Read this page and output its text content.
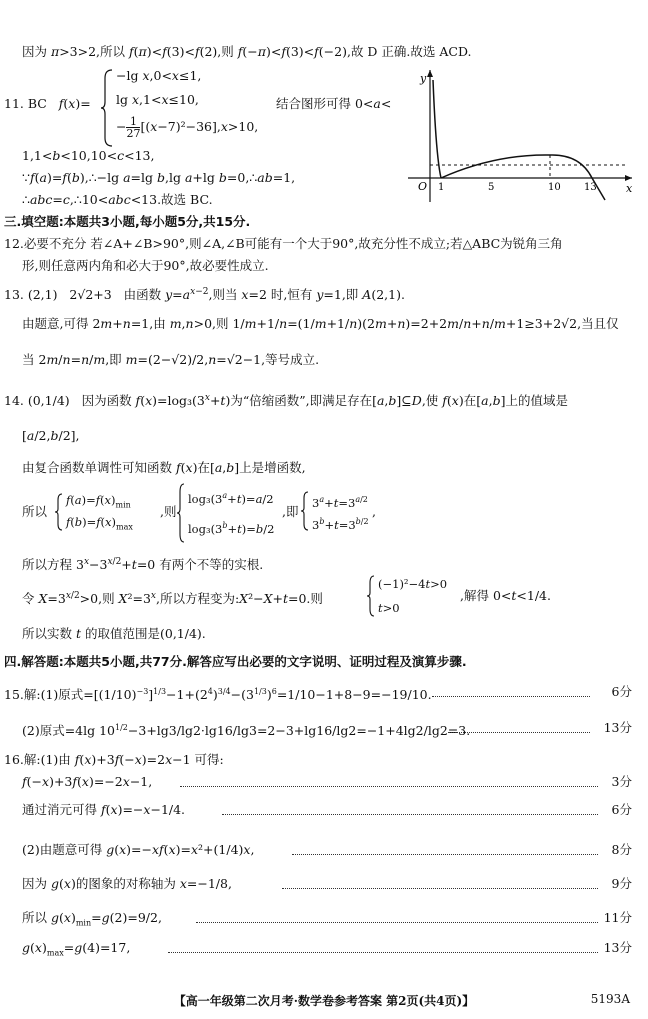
因为 π>3>2,所以 f(π)<f(3)<f(2),则 f(−π)<f(3)<f(−2),故 D 正确.故选 ACD.
11. BC   f(x)=
−lg x,0<x≤1,
lg x,1<x≤10,
− $\frac{1}{27} [(x-7)^2-36],x>10$,
结合图形可得 0<a<
y
x
O 1	5	10 13
1,1<b<10,10<c<13,
∵f(a)=f(b),∴−lg a=lg b,lg a+lg b=0,∴ab=1,
∴abc=c,∴10<abc<13.故选 BC.
三.填空题:本题共3小题,每小题5分,共15分.
12.必要不充分 若∠A+∠B>90°,则∠A,∠B可能有一个大于90°,故充分性不成立;若△ABC为锐角三角
形,则任意两内角和必大于90°,故必要性成立.
13. (2,1)   2√2+3   由函数 $y=a^{x-2}$,则当 x=2 时,恒有 y=1,即 A(2,1).
由题意,可得 2m+n=1,由 m,n>0,则 1/m+1/n=(1/m+1/n)(2m+n)=2+2m/n+n/m+1≥3+2√2,当且仅
当 2m/n=n/m,即 m=(2−√2)/2,n=√2−1,等号成立.
14. (0,1/4)   因为函数 $f(x)=\log_3(3^x+t)$为“倍缩函数”,即满足存在[a,b]⊆D,使 f(x)在[a,b]上的值域是
[a/2,b/2],
由复合函数单调性可知函数 f(x)在[a,b]上是增函数,
所以
$f(a)=f(x)_{min}$
$f(b)=f(x)_{max}$
,则
$\log_3(3^a+t)=a/2$
$\log_3(3^b+t)=b/2$
,即
$3^a+t=3^{a/2}$
$3^b+t=3^{b/2}$
,
所以方程 $3^x-3^{x/2}+t=0$ 有两个不等的实根.
令 $X=3^{x/2}>0$,则 $X^2=3^x$,所以方程变为:X²−X+t=0.则
(−1)²−4t>0
t>0
,解得 0<t<1/4.
所以实数 t 的取值范围是(0,1/4).
四.解答题:本题共5小题,共77分.解答应写出必要的文字说明、证明过程及演算步骤.
15.解:(1)原式$=[(1/10)^{-3}]^{1/3}-1+(2^4)^{3/4}-(3^{1/3})^6=1/10-1+8-9=-19/10$.	6分
(2)原式=4lg $10^{1/2}-3+\lg 3/\lg 2\cdot\lg 16/\lg 3=2-3+\lg 16/\lg 2=-1+4\lg 2/\lg 2=3$.	13分
16.解:(1)由 f(x)+3f(−x)=2x−1 可得:
f(−x)+3f(x)=−2x−1,	3分
通过消元可得 f(x)=−x−1/4.	6分
(2)由题意可得 g(x)=−xf(x)=x²+(1/4)x,	8分
因为 g(x)的图象的对称轴为 x=−1/8,	9分
所以 $g(x)_{min}=g(2)=9/2$,	11分
$g(x)_{max}=g(4)=17$,	13分
【高一年级第二次月考·数学卷参考答案 第2页(共4页)】	5193A
